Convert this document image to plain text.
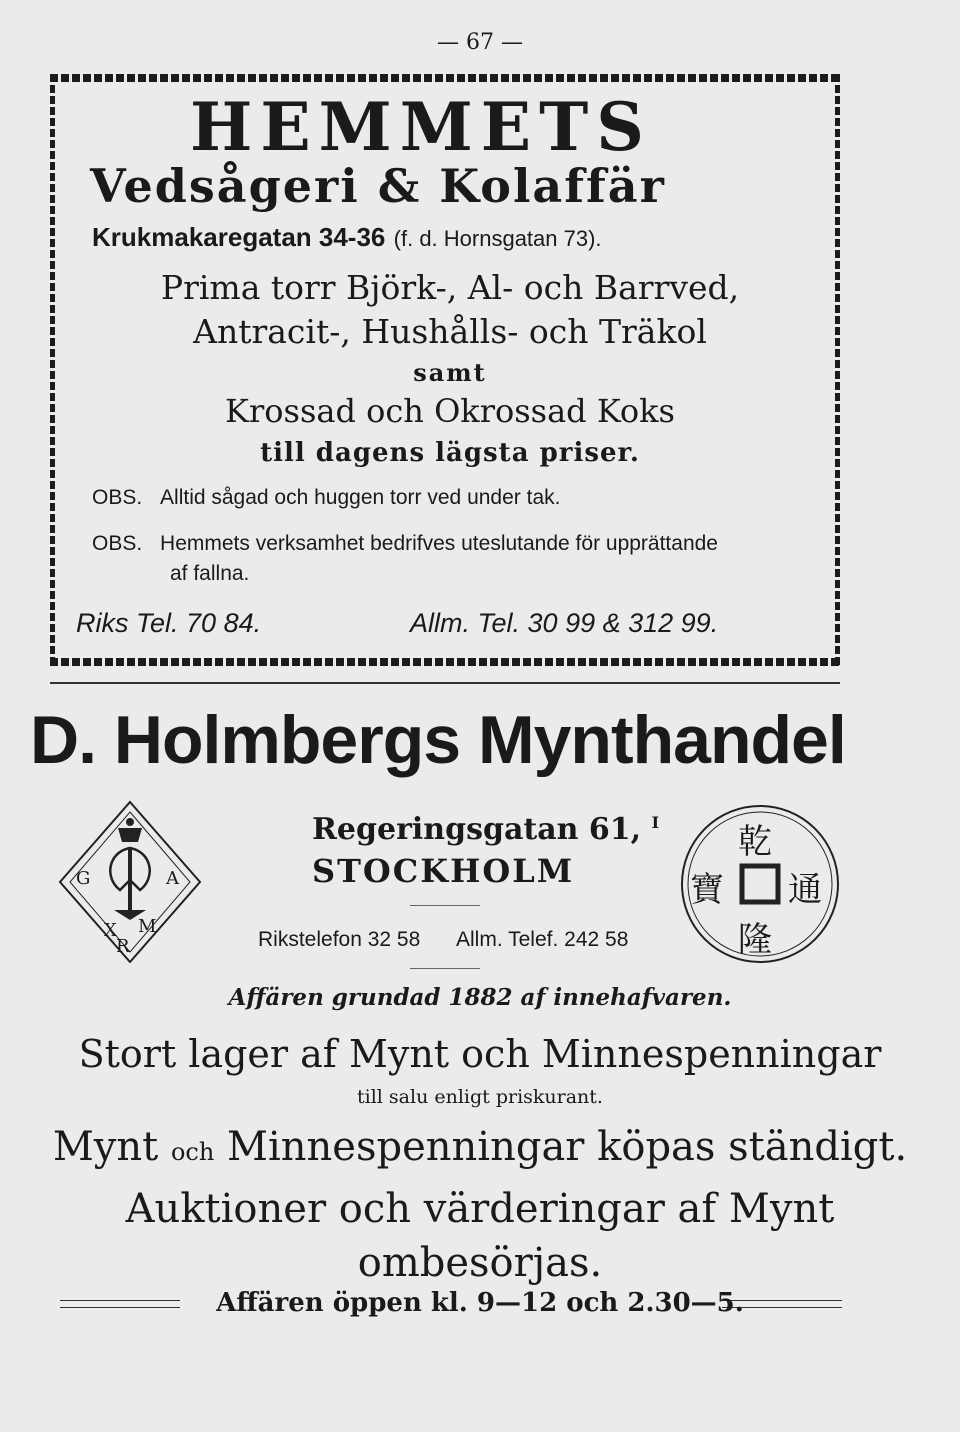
— 67 —
HEMMETS
Vedsågeri & Kolaffär
Krukmakaregatan 34-36 (f. d. Hornsgatan 73).
Prima torr Björk-, Al- och Barrved,
Antracit-, Hushålls- och Träkol
samt
Krossad och Okrossad Koks
till dagens lägsta priser.
OBS. Alltid sågad och huggen torr ved under tak.
OBS. Hemmets verksamhet bedrifves uteslutande för upprättande
af fallna.
Riks Tel. 70 84.	Allm. Tel. 30 99 & 312 99.
D. Holmbergs Mynthandel
G	A
X M
R
Regeringsgatan 61, $^I$
STOCKHOLM
Rikstelefon 32 58 Allm. Telef. 242 58
乾
隆
通
寶
Affären grundad 1882 af innehafvaren.
Stort lager af Mynt och Minnespenningar
till salu enligt priskurant.
Mynt och Minnespenningar köpas ständigt.
Auktioner och värderingar af Mynt
ombesörjas.
Affären öppen kl. 9—12 och 2.30—5.
